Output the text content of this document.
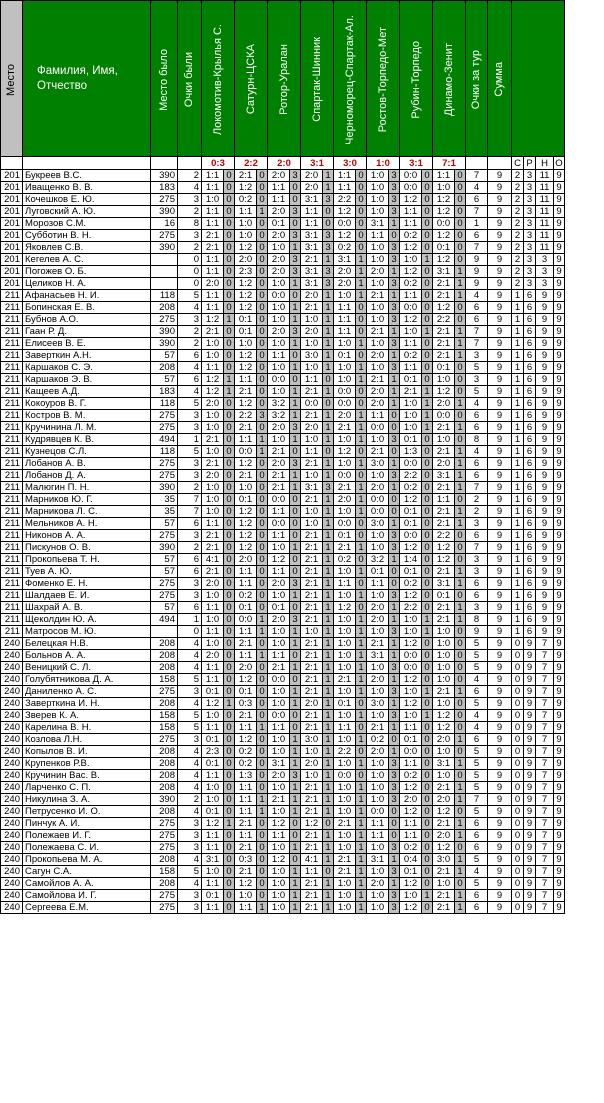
Место	Фамилия, Имя, Отчество	Место было	Очки были	Локомотив-Крылья С.		Сатурн-ЦСКА		Ротор-Уралан		Спартак-Шинник		Черноморец-Спартак-Ал.		Ростов-Торпедо-Мет		Рубин-Торпедо		Динамо-Зенит		Очки за тур	Сумма				

				0:3		2:2		2:0		3:1		3:0		1:0		3:1		7:1				С	Р	Н	О
201	Букреев В.С.	390	2	1:1	0	2:1	0	2:0	3	2:0	1	1:1	0	1:0	3	0:0	0	1:1	0	7	9	2	3	11	9
201	Иващенко В. В.	183	4	1:1	0	1:2	0	1:1	0	2:0	1	1:1	0	1:0	3	0:0	0	1:0	0	4	9	2	3	11	9
201	Кочешков Е. Ю.	275	3	1:0	0	0:2	0	1:1	0	3:1	3	2:2	0	1:0	3	1:2	0	1:2	0	6	9	2	3	11	9
201	Луговский А. Ю.	390	2	1:1	0	1:1	1	2:0	3	1:1	0	1:2	0	1:0	3	1:1	0	1:2	0	7	9	2	3	11	9
201	Морозов С.М.	16	8	1:1	0	1:0	0	0:1	0	1:1	0	0:0	0	3:1	1	1:1	0	0:0	0	1	9	2	3	11	9
201	Субботин В. Н.	275	3	2:1	0	1:0	0	2:0	3	3:1	3	1:2	0	1:1	0	0:2	0	1:2	0	6	9	2	3	11	9
201	Яковлев С.В.	390	2	2:1	0	1:2	0	1:0	1	3:1	3	0:2	0	1:0	3	1:2	0	0:1	0	7	9	2	3	11	9
201	Кегелев А. С.		0	1:1	0	2:0	0	2:0	3	2:1	1	3:1	1	1:0	3	1:0	1	1:2	0	9	9	2	3	3	9
201	Погожев О. Б.		0	1:1	0	2:3	0	2:0	3	3:1	3	2:0	1	2:0	1	1:2	0	3:1	1	9	9	2	3	3	9
201	Целиков Н. А.		0	2:0	0	1:2	0	1:0	1	3:1	3	2:0	1	1:0	3	0:2	0	2:1	1	9	9	2	3	3	9
211	Афанасьев Н. И.	118	5	1:1	0	1:2	0	0:0	0	2:0	1	1:0	1	2:1	1	1:1	0	2:1	1	4	9	1	6	9	9
211	Бопинская Е. В.	208	4	1:1	0	1:2	0	1:0	1	2:1	1	1:1	0	1:0	3	0:0	0	1:2	0	6	9	1	6	9	9
211	Бубнов А.О.	275	3	1:2	1	0:1	0	1:0	1	1:0	1	1:1	0	1:0	3	1:2	0	2:2	0	6	9	1	6	9	9
211	Гаан Р. Д.	390	2	2:1	0	0:1	0	2:0	3	2:0	1	1:1	0	2:1	1	1:0	1	2:1	1	7	9	1	6	9	9
211	Елисеев В. Е.	390	2	1:0	0	1:0	0	1:0	1	1:0	1	1:0	1	1:0	3	1:1	0	2:1	1	7	9	1	6	9	9
211	Заверткин А.Н.	57	6	1:0	0	1:2	0	1:1	0	3:0	1	0:1	0	2:0	1	0:2	0	2:1	1	3	9	1	6	9	9
211	Каршаков С. Э.	208	4	1:1	0	1:2	0	1:0	1	1:0	1	1:0	1	1:0	3	1:1	0	0:1	0	5	9	1	6	9	9
211	Каршаков Э. В.	57	6	1:2	1	1:1	0	0:0	0	1:1	0	1:0	1	2:1	1	0:1	0	1:0	0	3	9	1	6	9	9
211	Кащеев А.Д.	183	4	1:2	1	2:1	0	1:0	1	2:1	1	0:0	0	2:0	1	2:1	1	1:2	0	5	9	1	6	9	9
211	Кокоуров В. Г.	118	5	2:0	0	1:2	0	3:2	1	0:0	0	0:0	0	2:0	1	1:0	1	2:0	1	4	9	1	6	9	9
211	Костров В. М.	275	3	1:0	0	2:2	3	3:2	1	2:1	1	2:0	1	1:1	0	1:0	1	0:0	0	6	9	1	6	9	9
211	Кручинина Л. М.	275	3	1:0	0	2:1	0	2:0	3	2:0	1	2:1	1	0:0	0	1:0	1	2:1	1	6	9	1	6	9	9
211	Кудрявцев К. В.	494	1	2:1	0	1:1	1	1:0	1	1:0	1	1:0	1	1:0	3	0:1	0	1:0	0	8	9	1	6	9	9
211	Кузнецов С.Л.	118	5	1:0	0	0:0	1	2:1	0	1:1	0	1:2	0	2:1	0	1:3	0	2:1	1	4	9	1	6	9	9
211	Лобанов А. В.	275	3	2:1	0	1:2	0	2:0	3	2:1	1	1:0	1	3:0	1	0:0	0	2:0	1	6	9	1	6	9	9
211	Лобанов Д. А.	275	3	2:0	0	2:1	0	2:1	1	1:0	1	0:0	0	1:0	3	2:2	0	3:1	1	6	9	1	6	9	9
211	Малюгин П. Н.	390	2	1:0	0	1:0	0	2:1	1	3:1	3	2:1	1	2:0	1	0:2	0	2:1	1	7	9	1	6	9	9
211	Марников Ю. Г.	35	7	1:0	0	0:1	0	0:0	0	2:1	1	2:0	1	0:0	0	1:2	0	1:1	0	2	9	1	6	9	9
211	Марникова Л. С.	35	7	1:0	0	1:2	0	1:1	0	1:0	1	1:0	1	0:0	0	0:1	0	2:1	1	2	9	1	6	9	9
211	Мельников А. Н.	57	6	1:1	0	1:2	0	0:0	0	1:0	1	0:0	0	3:0	1	0:1	0	2:1	1	3	9	1	6	9	9
211	Никонов А. А.	275	3	2:1	0	1:2	0	1:1	0	2:1	1	0:1	0	1:0	3	0:0	0	2:2	0	6	9	1	6	9	9
211	Пискунов О. В.	390	2	2:1	0	1:2	0	1:0	1	2:1	1	2:1	1	1:0	3	1:2	0	1:2	0	7	9	1	6	9	9
211	Прокопьева Т. Н.	57	6	4:1	0	2:0	0	1:2	0	2:1	1	0:2	0	3:2	1	1:4	0	1:2	0	3	9	1	6	9	9
211	Туев А. Ю.	57	6	2:1	0	1:1	0	1:1	0	2:1	1	1:0	1	0:1	0	0:1	0	2:1	1	3	9	1	6	9	9
211	Фоменко Е. Н.	275	3	2:0	0	1:1	0	2:0	3	2:1	1	1:1	0	1:1	0	0:2	0	3:1	1	6	9	1	6	9	9
211	Шалдаев Е. И.	275	3	1:0	0	0:2	0	1:0	1	2:1	1	1:0	1	1:0	3	1:2	0	0:1	0	6	9	1	6	9	9
211	Шахрай А. В.	57	6	1:1	0	0:1	0	0:1	0	2:1	1	1:2	0	2:0	1	2:2	0	2:1	1	3	9	1	6	9	9
211	Щеколдин Ю. А.	494	1	1:0	0	0:0	1	2:0	3	2:1	1	1:0	1	2:0	1	1:0	1	2:1	1	8	9	1	6	9	9
211	Матросов М. Ю.		0	1:1	0	1:1	1	1:0	1	1:0	1	1:0	1	1:0	3	1:0	1	1:0	0	9	9	1	6	9	9
240	Белецкая Н.В.	208	4	1:0	0	2:1	0	1:0	1	2:1	1	1:0	1	2:1	1	1:2	0	1:0	0	5	9	0	9	7	9
240	Больнов А. А.	208	4	2:0	0	1:1	1	1:1	0	2:1	1	1:0	1	3:1	1	0:0	0	1:0	0	5	9	0	9	7	9
240	Веницкий С. Л.	208	4	1:1	0	2:0	0	2:1	1	2:1	1	1:0	1	1:0	3	0:0	0	1:0	0	5	9	0	9	7	9
240	Голубятникова Д. А.	158	5	1:1	0	1:2	0	0:0	0	2:1	1	2:1	1	2:0	1	1:2	0	1:0	0	4	9	0	9	7	9
240	Даниленко А. С.	275	3	0:1	0	0:1	0	1:0	1	2:1	1	1:0	1	1:0	3	1:0	1	2:1	1	6	9	0	9	7	9
240	Заверткина И. Н.	208	4	1:2	1	0:3	0	1:0	1	2:0	1	0:1	0	3:0	1	1:2	0	1:0	0	5	9	0	9	7	9
240	Зверев К. А.	158	5	1:0	0	2:1	0	0:0	0	2:1	1	1:0	1	1:0	3	1:0	1	1:2	0	4	9	0	9	7	9
240	Карелина В. Н.	158	5	1:1	0	1:1	1	1:1	0	2:1	1	1:1	0	2:1	1	1:1	0	1:2	0	4	9	0	9	7	9
240	Козлова Л.Н.	275	3	0:1	0	1:2	0	1:0	1	3:0	1	1:0	1	0:2	0	0:1	0	2:0	1	6	9	0	9	7	9
240	Копылов В. И.	208	4	2:3	0	0:2	0	1:0	1	1:0	1	2:2	0	2:0	1	0:0	0	1:0	0	5	9	0	9	7	9
240	Крупенков Р.В.	208	4	0:1	0	0:2	0	3:1	1	2:0	1	1:0	1	1:0	3	1:1	0	3:1	1	5	9	0	9	7	9
240	Кручинин Вас. В.	208	4	1:1	0	1:3	0	2:0	3	1:0	1	0:0	0	1:0	3	0:2	0	1:0	0	5	9	0	9	7	9
240	Ларченко С. П.	208	4	1:0	0	1:1	0	1:0	1	2:1	1	1:0	1	1:0	3	1:2	0	2:1	1	5	9	0	9	7	9
240	Никулина З. А.	390	2	1:0	0	1:1	1	2:1	1	2:1	1	1:0	1	1:0	3	2:0	0	2:0	1	7	9	0	9	7	9
240	Петрусенко И. О.	208	4	0:1	0	1:1	1	1:0	1	2:1	1	1:0	1	0:0	0	1:2	0	1:2	0	5	9	0	9	7	9
240	Пинчук А. И.	275	3	1:2	1	2:1	0	1:2	0	1:2	0	2:1	1	1:1	0	1:1	0	2:1	1	6	9	0	9	7	9
240	Полежаев И. Г.	275	3	1:1	0	1:1	0	1:1	0	2:1	1	1:0	1	1:1	0	1:1	0	2:0	1	6	9	0	9	7	9
240	Полежаева С. И.	275	3	1:1	0	2:1	0	1:0	1	2:1	1	1:0	1	1:0	3	0:2	0	1:2	0	6	9	0	9	7	9
240	Прокопьева М. А.	208	4	3:1	0	0:3	0	1:2	0	4:1	1	2:1	1	3:1	1	0:4	0	3:0	1	5	9	0	9	7	9
240	Сагун С.А.	158	5	1:0	0	2:1	0	1:0	1	1:1	0	2:1	1	1:0	3	0:1	0	2:1	1	4	9	0	9	7	9
240	Самойлов А. А.	208	4	1:1	0	1:2	0	1:0	1	2:1	1	1:0	1	2:0	1	1:2	0	1:0	0	5	9	0	9	7	9
240	Самойлова И. Г.	275	3	0:1	0	1:0	0	1:0	1	2:1	1	1:0	1	1:0	3	1:0	1	2:1	1	6	9	0	9	7	9
240	Сергеева Е.М.	275	3	1:1	0	1:1	1	1:0	1	2:1	1	1:0	1	1:0	3	1:2	0	2:1	1	6	9	0	9	7	9
